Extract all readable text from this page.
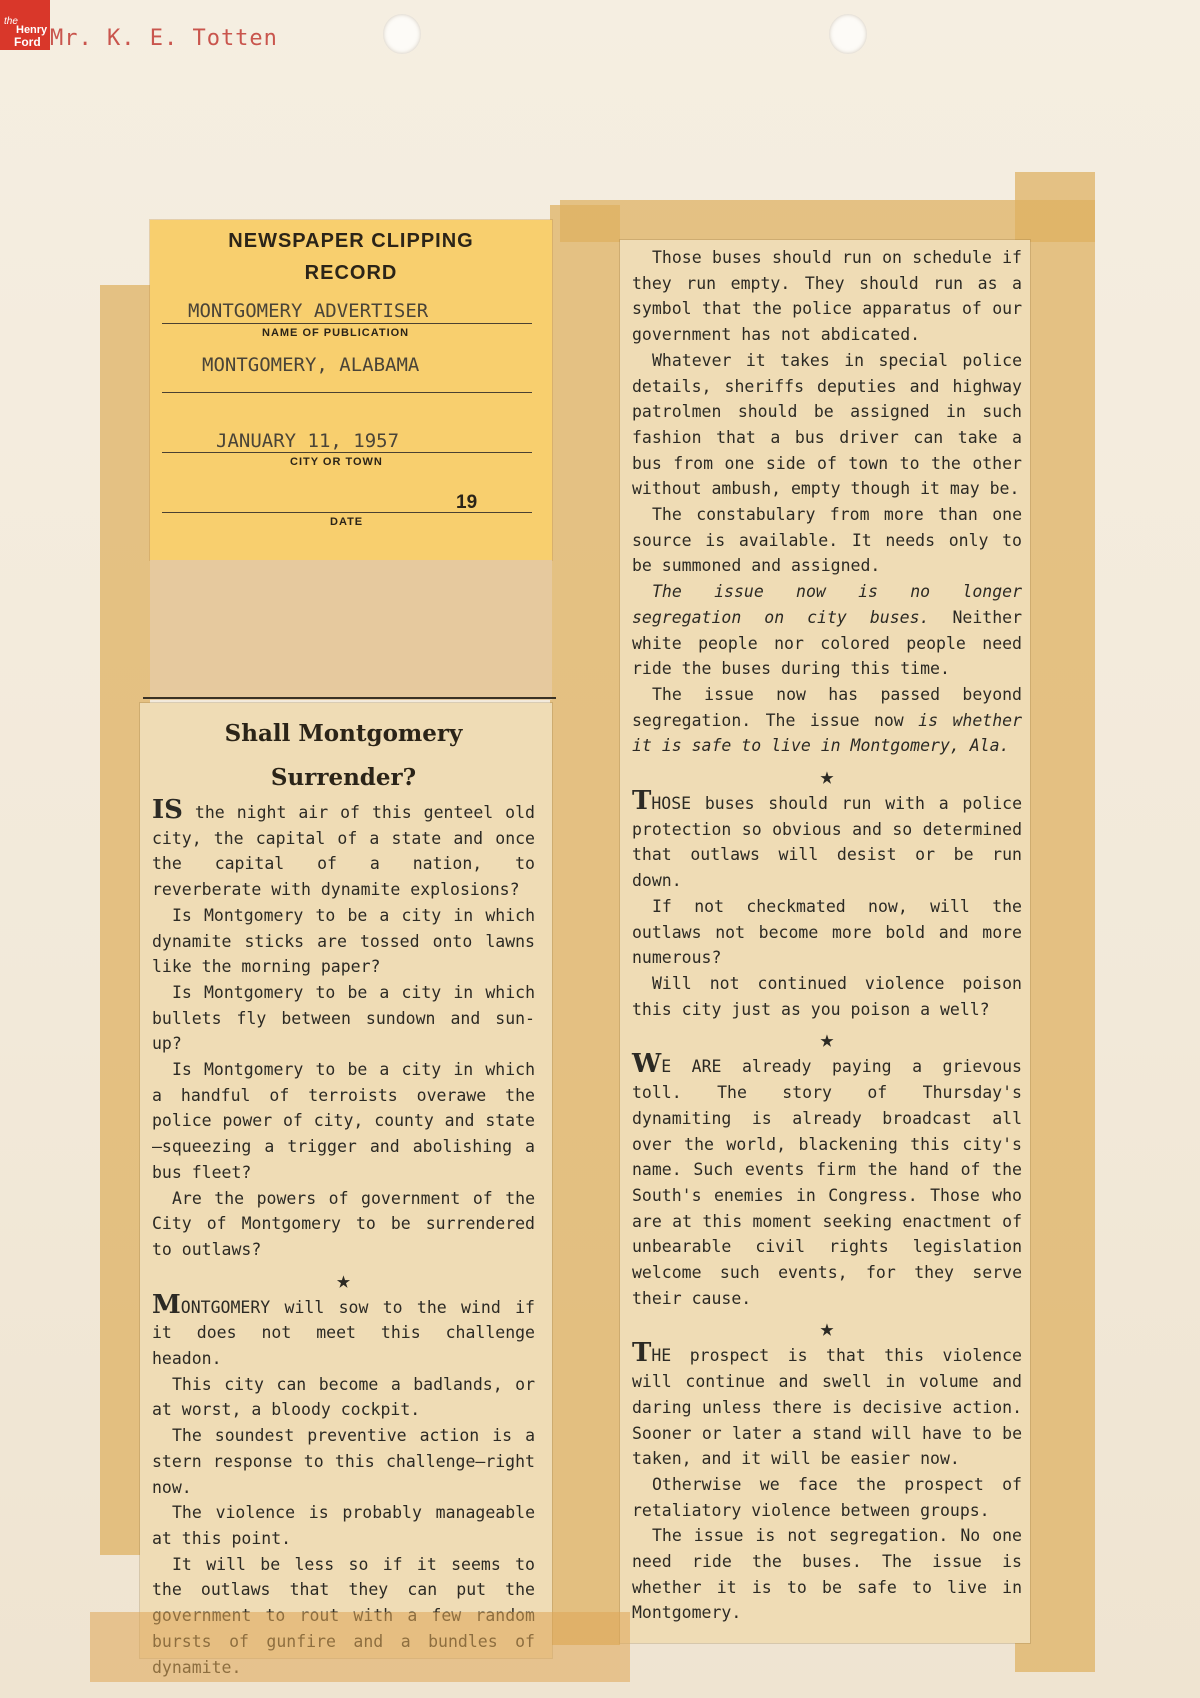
the
Henry
Ford Mr. K. E. Totten
NEWSPAPER CLIPPING
RECORD
MONTGOMERY ADVERTISER
NAME OF PUBLICATION
MONTGOMERY, ALABAMA
JANUARY 11, 1957
CITY OR TOWN
19
DATE
Shall Montgomery
Surrender?

IS the night air of this genteel old city, the capital of a state and once the capital of a nation, to reverberate with dynamite explosions?

Is Montgomery to be a city in which dynamite sticks are tossed onto lawns like the morning paper?

Is Montgomery to be a city in which bullets fly between sundown and sun-up?

Is Montgomery to be a city in which a handful of terroists overawe the police power of city, county and state—squeezing a trigger and abolishing a bus fleet?

Are the powers of government of the City of Montgomery to be surrendered to outlaws?

★

MONTGOMERY will sow to the wind if it does not meet this challenge headon.

This city can become a badlands, or at worst, a bloody cockpit.

The soundest preventive action is a stern response to this challenge—right now.

The violence is probably manageable at this point.

It will be less so if it seems to the outlaws that they can put the

Those buses should run on schedule if they run empty. They should run as a symbol that the police apparatus of our government has not abdicated.

Whatever it takes in special police details, sheriffs deputies and highway patrolmen should be assigned in such fashion that a bus driver can take a bus from one side of town to the other without ambush, empty though it may be.

The constabulary from more than one source is available. It needs only to be summoned and assigned.

The issue now is no longer segregation on city buses. Neither white people nor colored people need ride the buses during this time.

The issue now has passed beyond segregation. The issue now is whether it is safe to live in Montgomery, Ala.

★

THOSE buses should run with a police protection so obvious and so determined that outlaws will desist or be run down.

If not checkmated now, will the outlaws not become more bold and more numerous?

Will not continued violence poison this city just as you poison a well?

★

WE ARE already paying a grievous toll. The story of Thursday's dynamiting is already broadcast all over the world, blackening this city's name. Such events firm the hand of the South's enemies in Congress. Those who are at this moment seeking enactment of unbearable civil rights legislation welcome such events, for they serve their cause.

★

THE prospect is that this violence will continue and swell in volume and daring unless there is decisive action. Sooner or later a stand will have to be taken, and it will be easier now.

Otherwise we face the prospect of retaliatory violence between groups.

The issue is not segregation. No one need ride the buses. The issue is whether it is to be safe to live in Montgomery.
